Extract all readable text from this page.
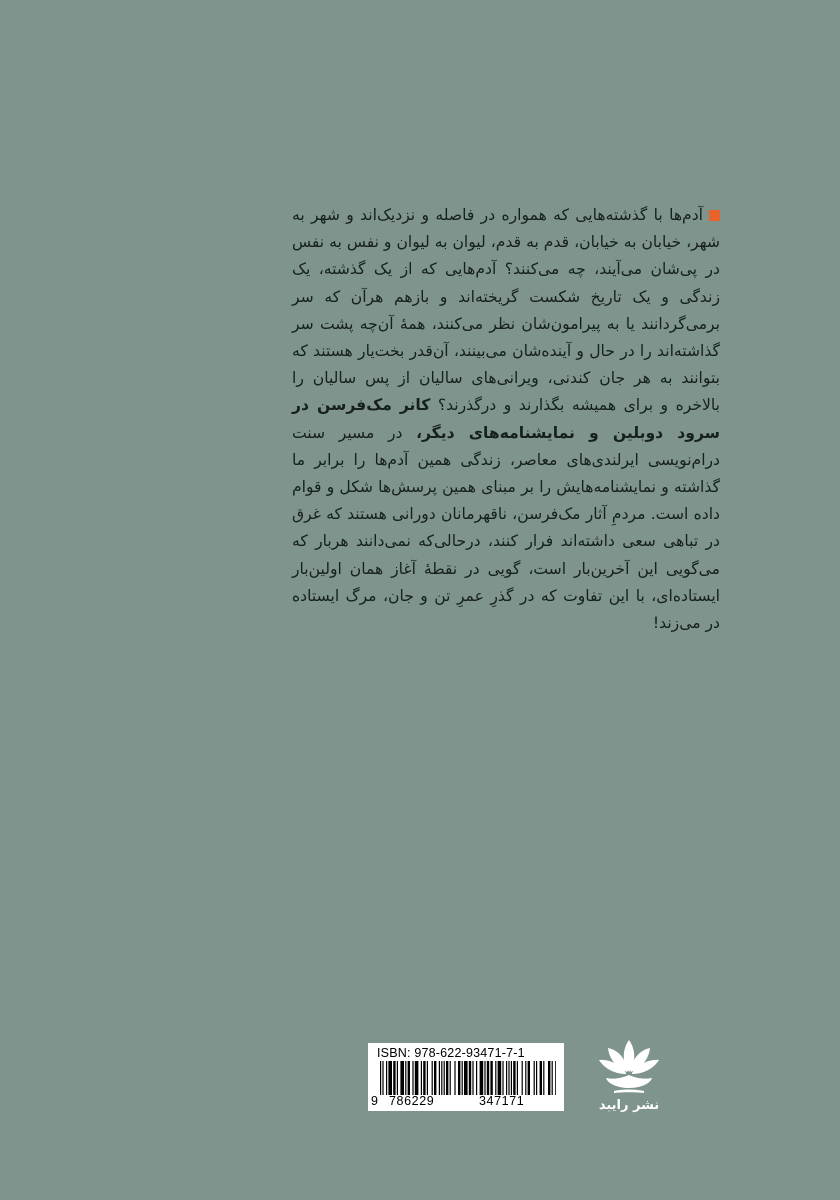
آدم‌ها با گذشته‌هایی که همواره در فاصله و نزدیک‌اند و شهر به شهر، خیابان به خیابان، قدم به قدم، لیوان به لیوان و نفس به نفس در پی‌شان می‌آیند، چه می‌کنند؟ آدم‌هایی که از یک گذشته، یک زندگی و یک تاریخ شکست گریخته‌اند و بازهم هرآن که سر برمی‌گردانند یا به پیرامون‌شان نظر می‌کنند، همهٔ آن‌چه پشت سر گذاشته‌اند را در حال و آینده‌شان می‌بینند، آن‌قدر بخت‌یار هستند که بتوانند به هر جان کندنی، ویرانی‌های سالیان از پس سالیان را بالاخره و برای همیشه بگذارند و درگذرند؟ کانر مک‌فرسن در سرود دوبلین و نمایشنامه‌های دیگر، در مسیر سنت درام‌نویسی ایرلندی‌های معاصر، زندگی همین آدم‌ها را برابر ما گذاشته و نمایشنامه‌هایش را بر مبنای همین پرسش‌ها شکل و قوام داده است. مردمِ آثار مک‌فرسن، ناقهرمانان دورانی هستند که غرق در تباهی سعی داشته‌اند فرار کنند، درحالی‌که نمی‌دانند هربار که می‌گویی این آخرین‌بار است، گویی در نقطهٔ آغاز همان اولین‌بار ایستاده‌ای، با این تفاوت که در گذرِ عمرِ تن و جان، مرگ ایستاده در می‌زند!
ISBN: 978-622-93471-7-1
9 786229	347171	نشر رایبد
